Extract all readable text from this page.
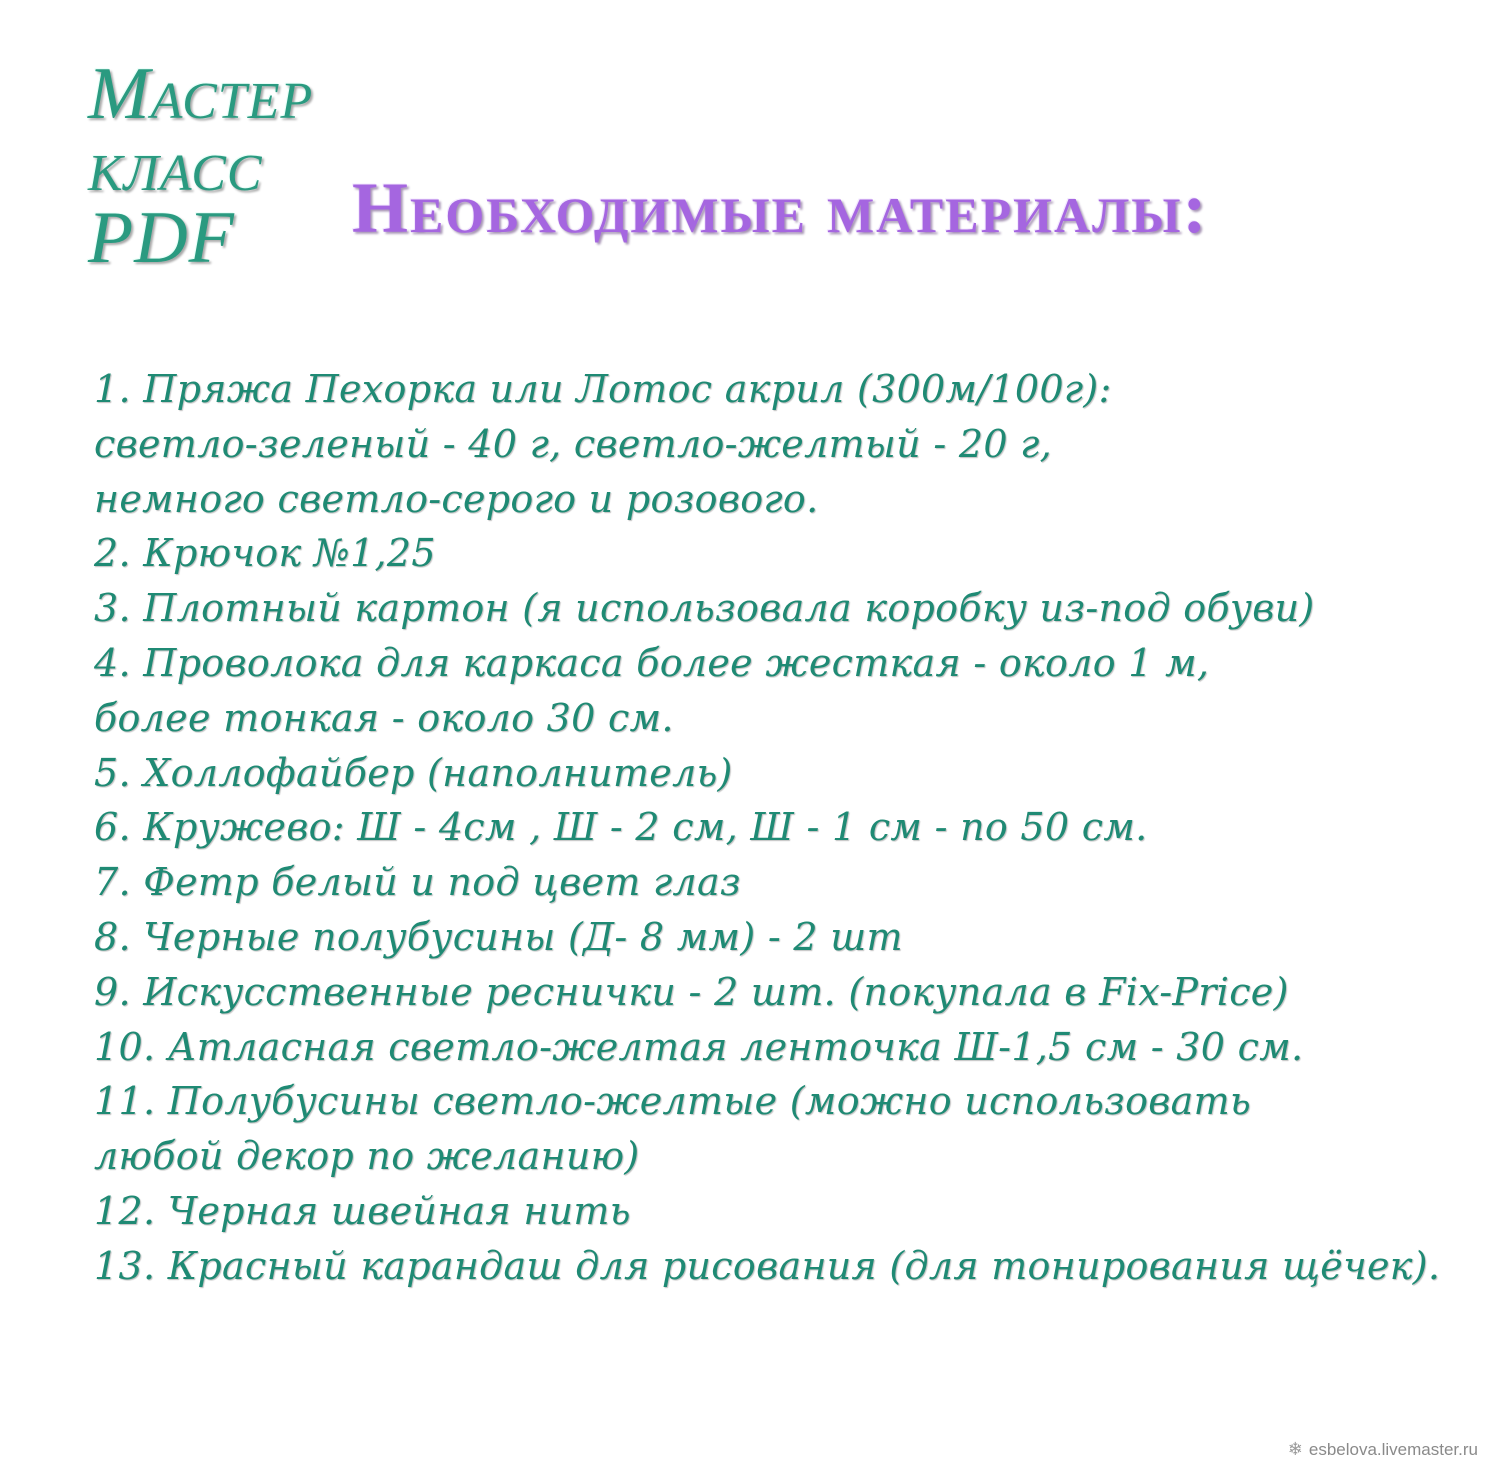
Мастер
класс
PDF	Необходимые материалы:
1. Пряжа Пехорка или Лотос акрил (300м/100г):
светло-зеленый - 40 г, светло-желтый - 20 г,
немного светло-серого и розового.
2. Крючок №1,25
3. Плотный картон (я использовала коробку из-под обуви)
4. Проволока для каркаса более жесткая - около 1 м,
более тонкая - около 30 см.
5. Холлофайбер (наполнитель)
6. Кружево: Ш - 4см , Ш - 2 см, Ш - 1 см - по 50 см.
7. Фетр белый и под цвет глаз
8. Черные полубусины (Д- 8 мм) - 2 шт
9. Искусственные реснички - 2 шт. (покупала в Fix-Price)
10. Атласная светло-желтая ленточка Ш-1,5 см - 30 см.
11. Полубусины светло-желтые (можно использовать
любой декор по желанию)
12. Черная швейная нить
13. Красный карандаш для рисования (для тонирования щёчек).
❄ esbelova.livemaster.ru
